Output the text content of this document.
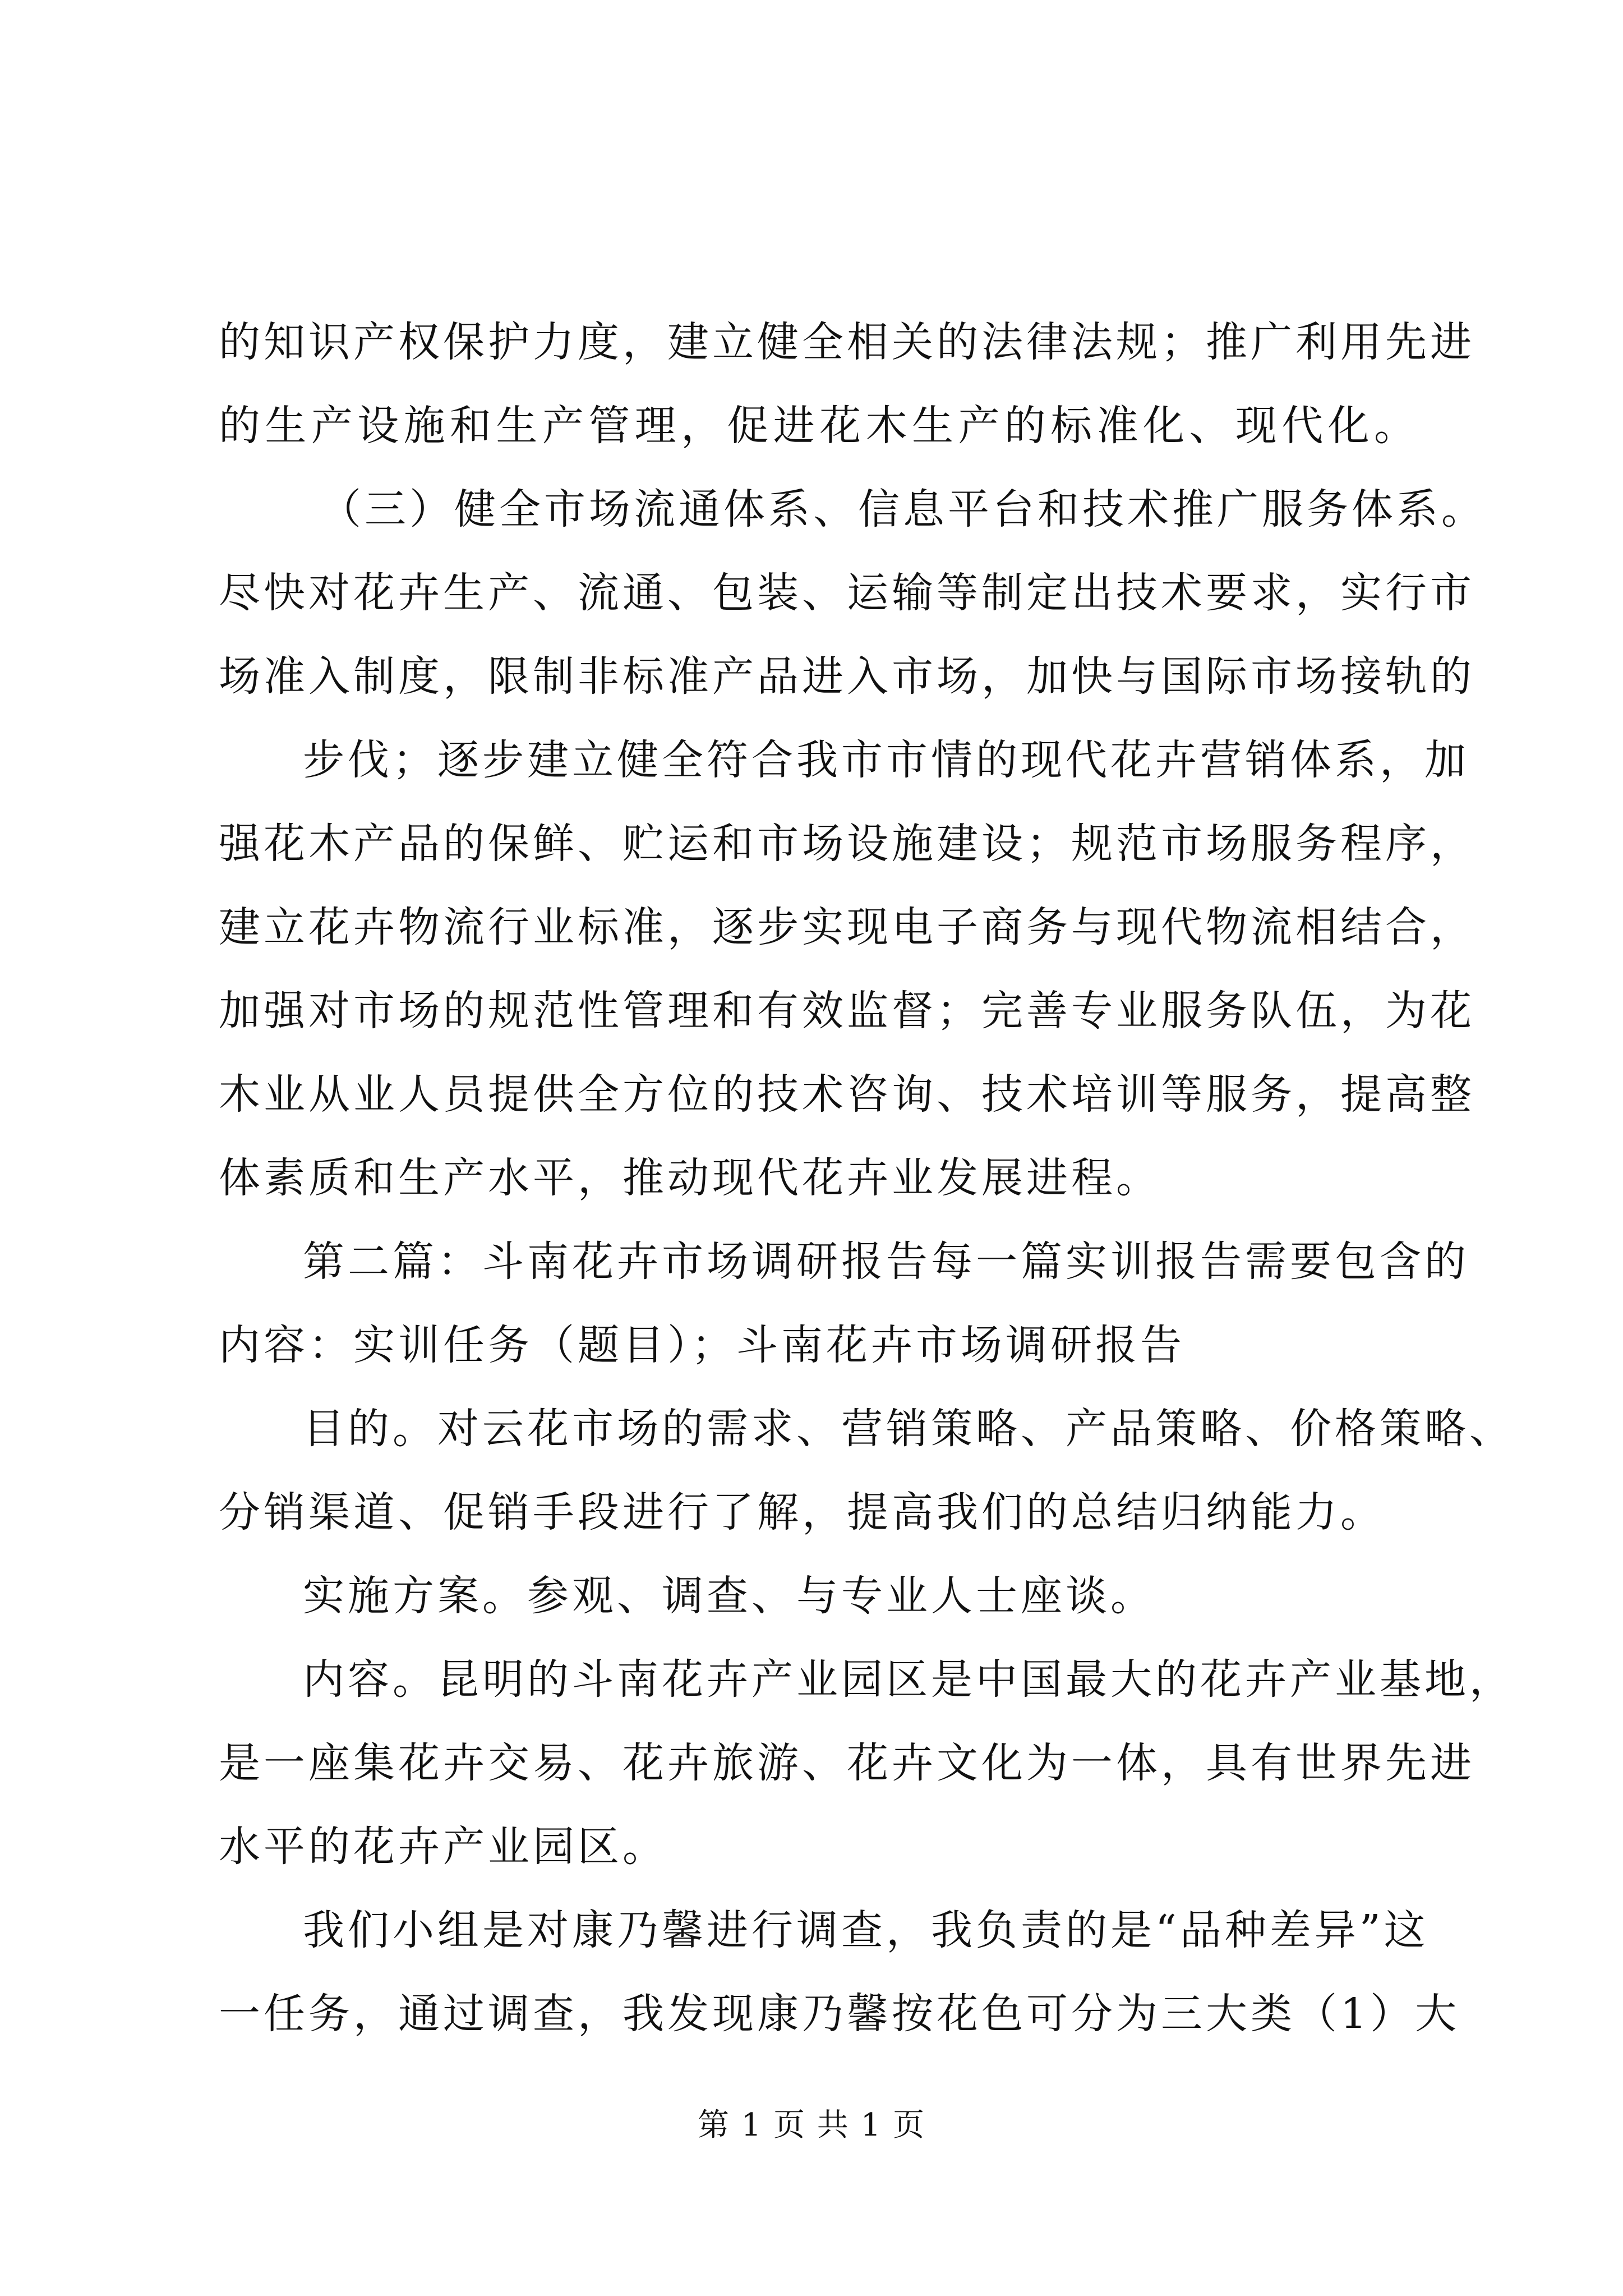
的知识产权保护力度，建立健全相关的法律法规；推广利用先进
的生产设施和生产管理，促进花木生产的标准化、现代化。
（三）健全市场流通体系、信息平台和技术推广服务体系。
尽快对花卉生产、流通、包装、运输等制定出技术要求，实行市
场准入制度，限制非标准产品进入市场，加快与国际市场接轨的
步伐；逐步建立健全符合我市市情的现代花卉营销体系，加
强花木产品的保鲜、贮运和市场设施建设；规范市场服务程序，
建立花卉物流行业标准，逐步实现电子商务与现代物流相结合，
加强对市场的规范性管理和有效监督；完善专业服务队伍，为花
木业从业人员提供全方位的技术咨询、技术培训等服务，提高整
体素质和生产水平，推动现代花卉业发展进程。
第二篇：斗南花卉市场调研报告每一篇实训报告需要包含的
内容：实训任务（题目）；斗南花卉市场调研报告
目的。对云花市场的需求、营销策略、产品策略、价格策略、
分销渠道、促销手段进行了解，提高我们的总结归纳能力。
实施方案。参观、调查、与专业人士座谈。
内容。昆明的斗南花卉产业园区是中国最大的花卉产业基地，
是一座集花卉交易、花卉旅游、花卉文化为一体，具有世界先进
水平的花卉产业园区。
我们小组是对康乃馨进行调查，我负责的是“品种差异”这
一任务，通过调查，我发现康乃馨按花色可分为三大类（1）大
第 1 页 共 1 页
